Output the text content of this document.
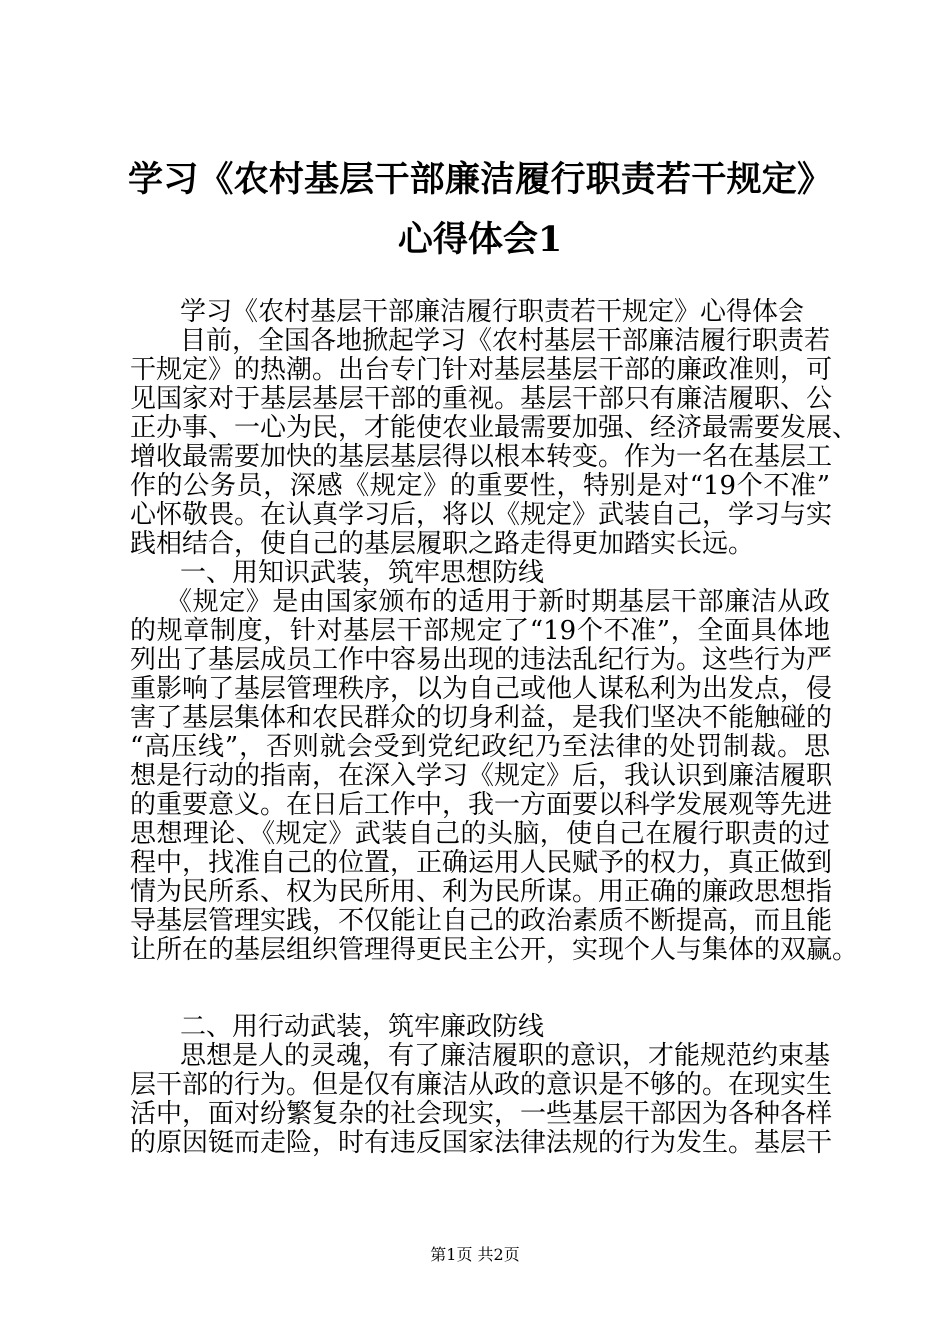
学习《农村基层干部廉洁履行职责若干规定》
心得体会1
学习《农村基层干部廉洁履行职责若干规定》心得体会
目前，全国各地掀起学习《农村基层干部廉洁履行职责若
干规定》的热潮。出台专门针对基层基层干部的廉政准则，可
见国家对于基层基层干部的重视。基层干部只有廉洁履职、公
正办事、一心为民，才能使农业最需要加强、经济最需要发展、
增收最需要加快的基层基层得以根本转变。作为一名在基层工
作的公务员，深感《规定》的重要性，特别是对“19个不准”
心怀敬畏。在认真学习后，将以《规定》武装自己，学习与实
践相结合，使自己的基层履职之路走得更加踏实长远。
一、用知识武装，筑牢思想防线
《规定》是由国家颁布的适用于新时期基层干部廉洁从政
的规章制度，针对基层干部规定了“19个不准”，全面具体地
列出了基层成员工作中容易出现的违法乱纪行为。这些行为严
重影响了基层管理秩序，以为自己或他人谋私利为出发点，侵
害了基层集体和农民群众的切身利益，是我们坚决不能触碰的
“高压线”，否则就会受到党纪政纪乃至法律的处罚制裁。思
想是行动的指南，在深入学习《规定》后，我认识到廉洁履职
的重要意义。在日后工作中，我一方面要以科学发展观等先进
思想理论、《规定》武装自己的头脑，使自己在履行职责的过
程中，找准自己的位置，正确运用人民赋予的权力，真正做到
情为民所系、权为民所用、利为民所谋。用正确的廉政思想指
导基层管理实践，不仅能让自己的政治素质不断提高，而且能
让所在的基层组织管理得更民主公开，实现个人与集体的双赢。
二、用行动武装，筑牢廉政防线
思想是人的灵魂，有了廉洁履职的意识，才能规范约束基
层干部的行为。但是仅有廉洁从政的意识是不够的。在现实生
活中，面对纷繁复杂的社会现实，一些基层干部因为各种各样
的原因铤而走险，时有违反国家法律法规的行为发生。基层干
第1页 共2页
